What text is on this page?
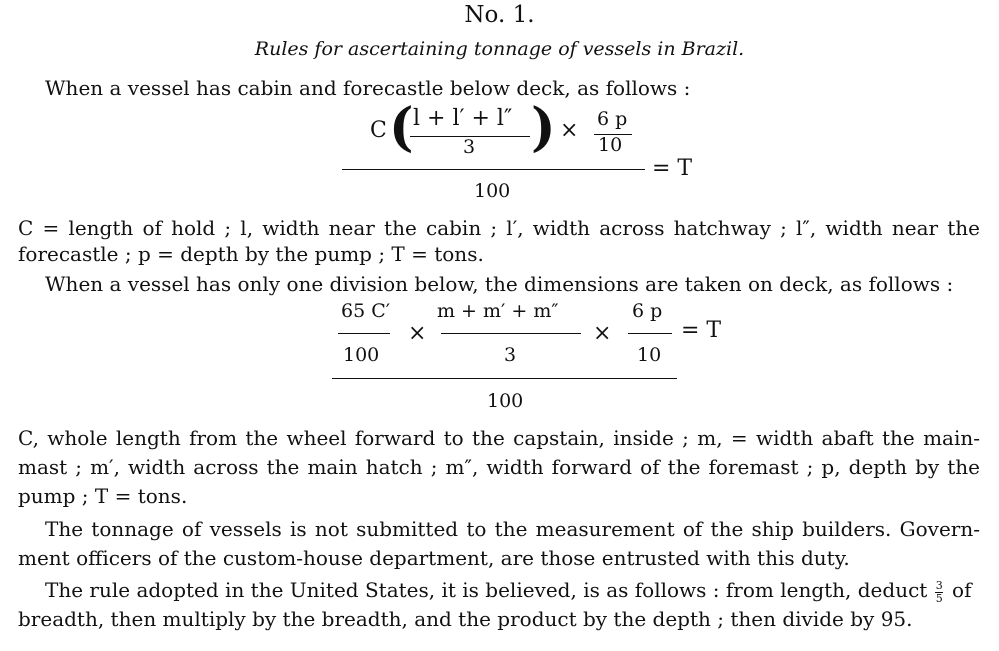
No. 1.
Rules for ascertaining tonnage of vessels in Brazil.
When a vessel has cabin and forecastle below deck, as follows :
C ( l + l′ + l″
3 ) × 6 p
10
= T
100
C = length of hold ; l, width near the cabin ; l′, width across hatchway ; l″, width near the
forecastle ; p = depth by the pump ; T = tons.
When a vessel has only one division below, the dimensions are taken on deck, as follows :
65 C′
100
×
m + m′ + m″
3
×
6 p
10
= T
100
C, whole length from the wheel forward to the capstain, inside ; m, = width abaft the main-
mast ; m′, width across the main hatch ; m″, width forward of the foremast ; p, depth by the
pump ; T = tons.
The tonnage of vessels is not submitted to the measurement of the ship builders. Govern-
ment officers of the custom-house department, are those entrusted with this duty.
The rule adopted in the United States, it is believed, is as follows : from length, deduct $\frac{3}{5}$ of
breadth, then multiply by the breadth, and the product by the depth ; then divide by 95.
